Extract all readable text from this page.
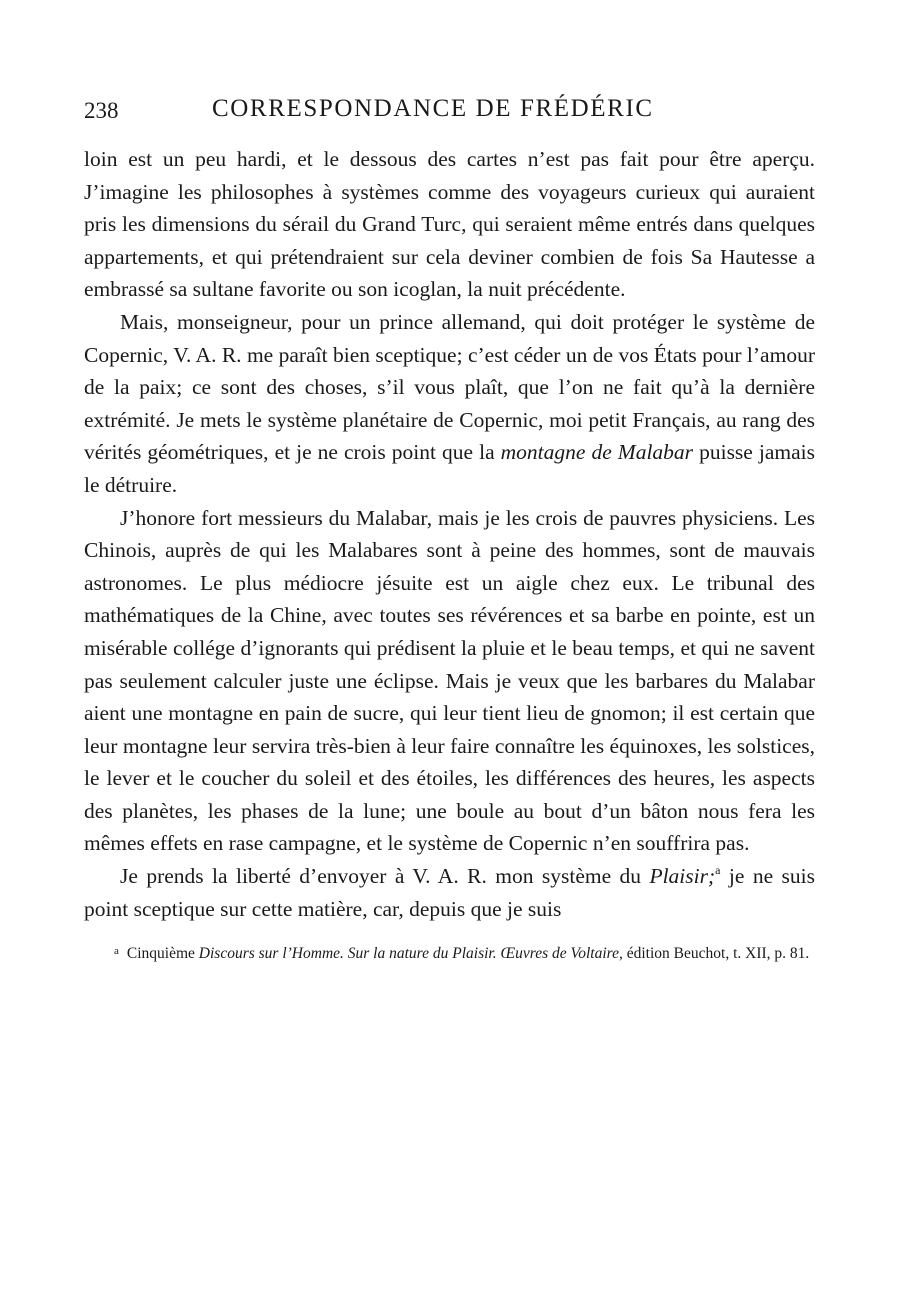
238	CORRESPONDANCE DE FRÉDÉRIC

loin est un peu hardi, et le dessous des cartes n’est pas fait pour être aperçu. J’imagine les philosophes à systèmes comme des voyageurs curieux qui auraient pris les dimensions du sérail du Grand Turc, qui seraient même entrés dans quelques appartements, et qui prétendraient sur cela deviner combien de fois Sa Hautesse a embrassé sa sultane favorite ou son icoglan, la nuit précédente.

Mais, monseigneur, pour un prince allemand, qui doit protéger le système de Copernic, V. A. R. me paraît bien sceptique; c’est céder un de vos États pour l’amour de la paix; ce sont des choses, s’il vous plaît, que l’on ne fait qu’à la dernière extrémité. Je mets le système planétaire de Copernic, moi petit Français, au rang des vérités géométriques, et je ne crois point que la montagne de Malabar puisse jamais le détruire.

J’honore fort messieurs du Malabar, mais je les crois de pauvres physiciens. Les Chinois, auprès de qui les Malabares sont à peine des hommes, sont de mauvais astronomes. Le plus médiocre jésuite est un aigle chez eux. Le tribunal des mathématiques de la Chine, avec toutes ses révérences et sa barbe en pointe, est un misérable collége d’ignorants qui prédisent la pluie et le beau temps, et qui ne savent pas seulement calculer juste une éclipse. Mais je veux que les barbares du Malabar aient une montagne en pain de sucre, qui leur tient lieu de gnomon; il est certain que leur montagne leur servira très-bien à leur faire connaître les équinoxes, les solstices, le lever et le coucher du soleil et des étoiles, les différences des heures, les aspects des planètes, les phases de la lune; une boule au bout d’un bâton nous fera les mêmes effets en rase campagne, et le système de Copernic n’en souffrira pas.

Je prends la liberté d’envoyer à V. A. R. mon système du Plaisir;$^a$ je ne suis point sceptique sur cette matière, car, depuis que je suis

$^a$ Cinquième Discours sur l’Homme. Sur la nature du Plaisir. Œuvres de Voltaire, édition Beuchot, t. XII, p. 81.
